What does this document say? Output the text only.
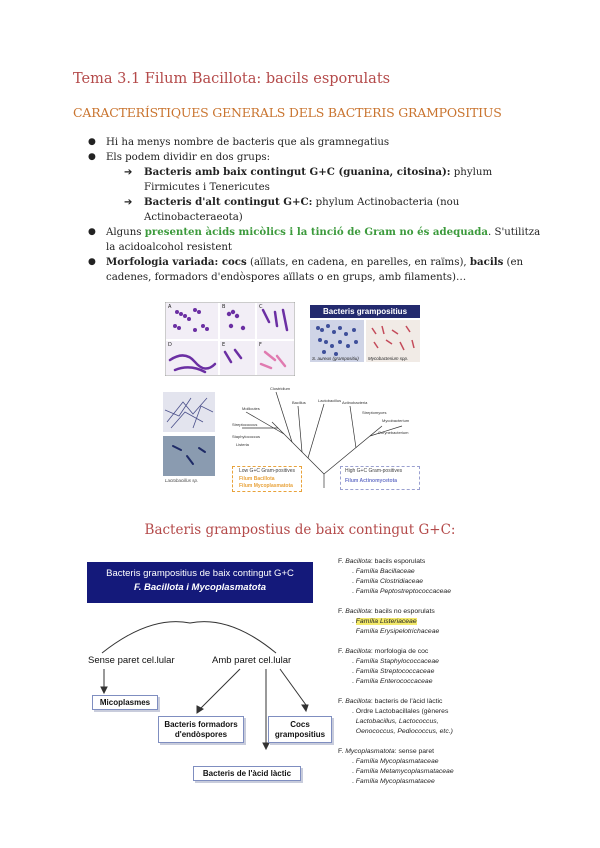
Tema 3.1 Filum Bacillota: bacils esporulats
CARACTERÍSTIQUES GENERALS DELS BACTERIS GRAMPOSITIUS
● Hi ha menys nombre de bacteris que als gramnegatius
● Els podem dividir en dos grups:
➔ Bacteris amb baix contingut G+C (guanina, citosina): phylum Firmicutes i Tenericutes
➔ Bacteris d'alt contingut G+C: phylum Actinobacteria (nou Actinobacteraeota)
● Alguns presenten àcids micòlics i la tinció de Gram no és adequada. S'utilitza la acidoalcohol resistent
● Morfologia variada: cocs (aïllats, en cadena, en parelles, en raïms), bacils (en cadenes, formadors d'endòspores aïllats o en grups, amb filaments)…
A	B	C
D	E	F
Bacteris grampositius
S. aureus (grampositiu) Mycobacterium spp.
Lactobacillus sp.
Clostridium
Mollicutes
Streptococcus
Bacillus	Lactobacillus
Staphylococcus
Listeria
Actinobacteria
Mycobacterium
Streptomyces
Corynebacterium
Low G+C Gram-positives
Filum Bacillota
Filum Mycoplasmatota
High G+C Gram-positives
Filum Actinomycetota
Bacteris grampostius de baix contingut G+C:
Bacteris grampositius de baix contingut G+C
F. Bacillota i Mycoplasmatota
Sense paret cel.lular	Amb paret cel.lular
Micoplasmes
Bacteris formadors d'endòspores
Cocs grampositius
Bacteris de l'àcid làctic
F. Bacillota: bacils esporulats
. Família Bacillaceae
. Família Clostridiaceae
. Família Peptostreptococcaceae
F. Bacillota: bacils no esporulats
. Família Listeriaceae
Família Erysipelotrichaceae
F. Bacillota: morfologia de coc
. Família Staphylococcaceae
. Família Streptococcaceae
. Família Enterococcaceae
F. Bacillota: bacteris de l'àcid làctic
. Ordre Lactobacillales (gèneres
Lactobacillus, Lactococcus,
Oenococcus, Pediococcus, etc.)
F. Mycoplasmatota: sense paret
. Família Mycoplasmataceae
. Família Metamycoplasmataceae
. Família Mycoplasmatacee
